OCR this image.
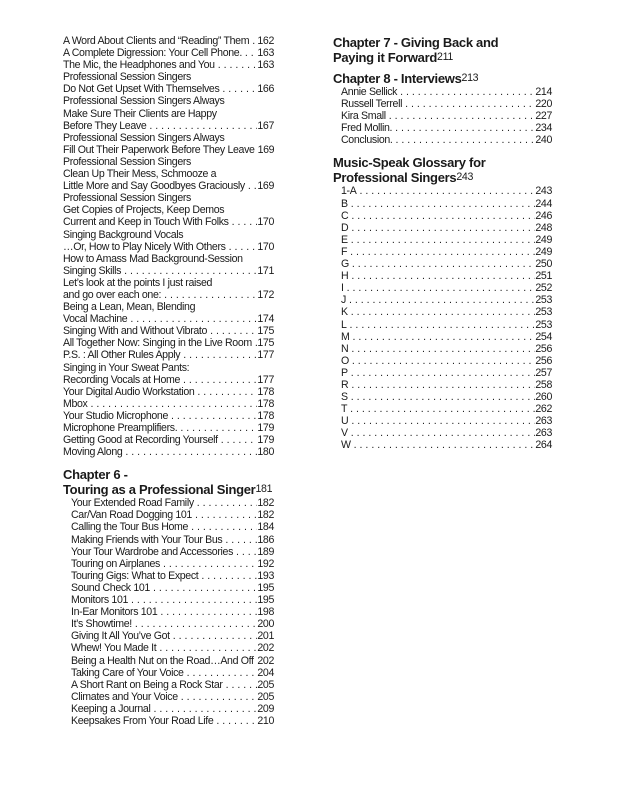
A Word About Clients and “Reading” Them . . . 162
A Complete Digression: Your Cell Phone. . . . 163
The Mic, the Headphones and You . . .	163
Professional Session Singers
Do Not Get Upset With Themselves . . .	166
Professional Session Singers Always
Make Sure Their Clients are Happy
Before They Leave . . .	167
Professional Session Singers Always
Fill Out Their Paperwork Before They Leave . . . 169
Professional Session Singers
Clean Up Their Mess, Schmooze a
Little More and Say Goodbyes Graciously . . . 169
Professional Session Singers
Get Copies of Projects, Keep Demos
Current and Keep in Touch With Folks . . .	170
Singing Background Vocals
…Or, How to Play Nicely With Others . . .	170
How to Amass Mad Background-Session
Singing Skills . . .	171
Let’s look at the points I just raised
and go over each one: . . .	172
Being a Lean, Mean, Blending
Vocal Machine . . .	174
Singing With and Without Vibrato . . .	175
All Together Now: Singing in the Live Room . . . 175
P.S. : All Other Rules Apply . . .	177
Singing in Your Sweat Pants:
Recording Vocals at Home . . .	177
Your Digital Audio Workstation . . .	178
Mbox . . .	178
Your Studio Microphone . . .	178
Microphone Preamplifiers. . . .	179
Getting Good at Recording Yourself . . .	179
Moving Along . . .	180
Chapter 6 -
Touring as a Professional Singer 181
Your Extended Road Family . . .	182
Car/Van Road Dogging 101 . . .	182
Calling the Tour Bus Home . . .	184
Making Friends with Your Tour Bus . . .	186
Your Tour Wardrobe and Accessories . . . 189
Touring on Airplanes . . .	192
Touring Gigs: What to Expect . . .	193
Sound Check 101 . . .	195
Monitors 101 . . .	195
In-Ear Monitors 101 . . .	198
It’s Showtime! . . .	200
Giving It All You’ve Got . . .	201
Whew! You Made It . . .	202
Being a Health Nut on the Road…And Off . . . 202
Taking Care of Your Voice . . .	204
A Short Rant on Being a Rock Star . . .	205
Climates and Your Voice . . .	205
Keeping a Journal . . .	209
Keepsakes From Your Road Life . . .	210
Chapter 7 - Giving Back and
Paying it Forward 211
Chapter 8 - Interviews 213
Annie Sellick . . .	214
Russell Terrell . . .	220
Kira Small . . .	227
Fred Mollin. . . .	234
Conclusion. . . .	240
Music-Speak Glossary for
Professional Singers 243
1-A . . .	243
B . . .	244
C . . .	246
D . . .	248
E . . .	249
F . . .	249
G . . .	250
H . . .	251
I . . .	252
J . . .	253
K . . .	253
L . . .	253
M . . .	254
N . . .	256
O . . .	256
P . . .	257
R . . .	258
S . . .	260
T . . .	262
U . . .	263
V . . .	263
W . . .	264
